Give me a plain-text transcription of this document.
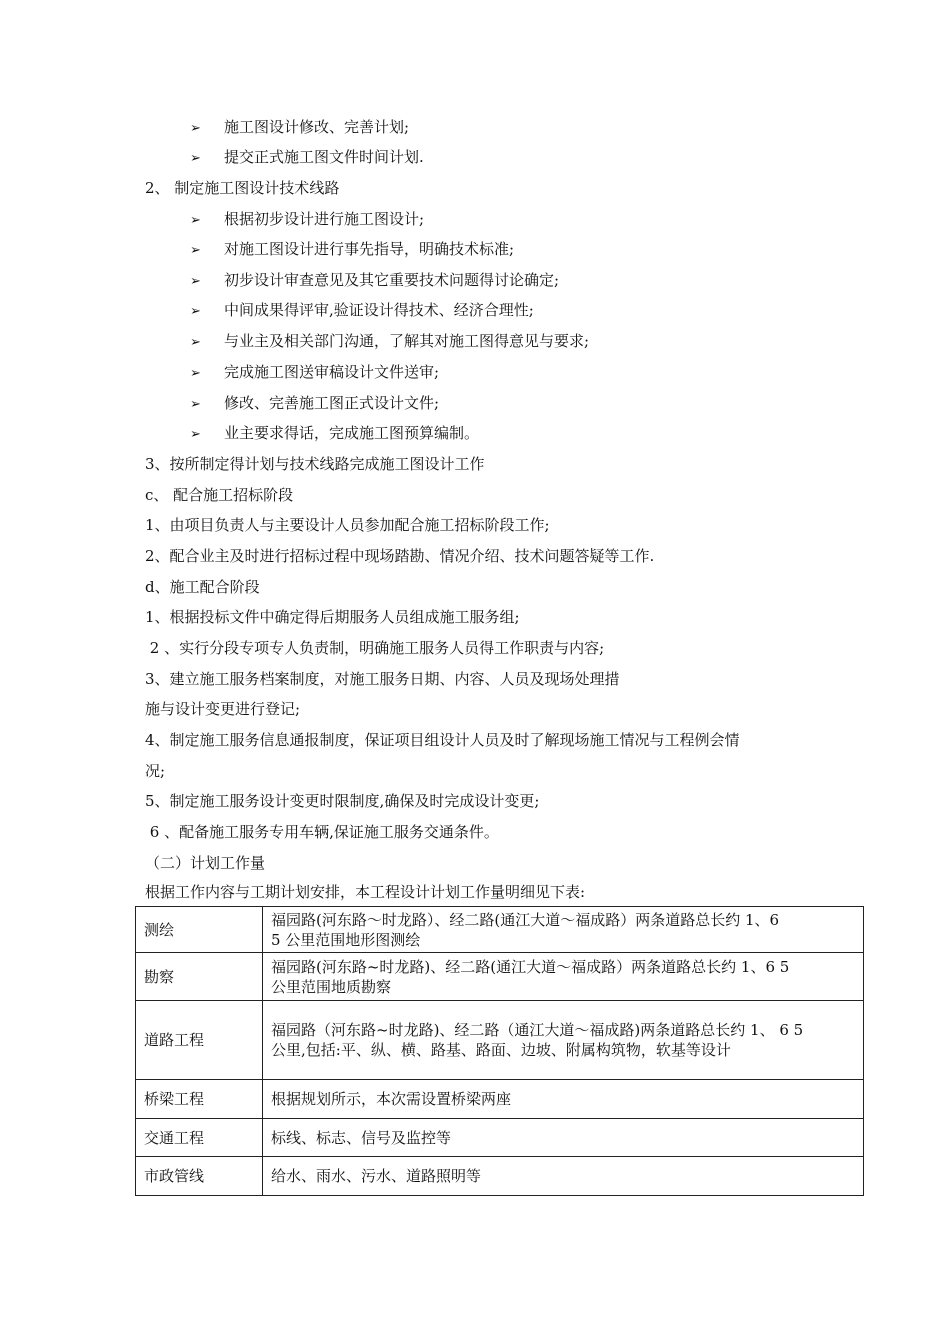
➢ 施工图设计修改、完善计划;
➢ 提交正式施工图文件时间计划.
2、 制定施工图设计技术线路
➢ 根据初步设计进行施工图设计;
➢ 对施工图设计进行事先指导，明确技术标准;
➢ 初步设计审查意见及其它重要技术问题得讨论确定;
➢ 中间成果得评审,验证设计得技术、经济合理性;
➢ 与业主及相关部门沟通，了解其对施工图得意见与要求;
➢ 完成施工图送审稿设计文件送审;
➢ 修改、完善施工图正式设计文件;
➢ 业主要求得话，完成施工图预算编制。
3、按所制定得计划与技术线路完成施工图设计工作
c、 配合施工招标阶段
1、由项目负责人与主要设计人员参加配合施工招标阶段工作;
2、配合业主及时进行招标过程中现场踏勘、情况介绍、技术问题答疑等工作.
d、施工配合阶段
1、根据投标文件中确定得后期服务人员组成施工服务组;
2 、实行分段专项专人负责制，明确施工服务人员得工作职责与内容;
3、建立施工服务档案制度，对施工服务日期、内容、人员及现场处理措
施与设计变更进行登记;
4、制定施工服务信息通报制度，保证项目组设计人员及时了解现场施工情况与工程例会情
况;
5、制定施工服务设计变更时限制度,确保及时完成设计变更;
6 、配备施工服务专用车辆,保证施工服务交通条件。
（二）计划工作量
根据工作内容与工期计划安排，本工程设计计划工作量明细见下表:
测绘	福园路(河东路～时龙路）、经二路(通江大道～福成路）两条道路总长约 1、6
5 公里范围地形图测绘

勘察	福园路(河东路~时龙路)、经二路(通江大道～福成路）两条道路总长约 1、6 5
公里范围地质勘察

道路工程	福园路（河东路~时龙路)、经二路（通江大道～福成路)两条道路总长约 1、 6 5
公里,包括:平、纵、横、路基、路面、边坡、附属构筑物，软基等设计

桥梁工程	根据规划所示，本次需设置桥梁两座
交通工程	标线、标志、信号及监控等
市政管线	给水、雨水、污水、道路照明等
